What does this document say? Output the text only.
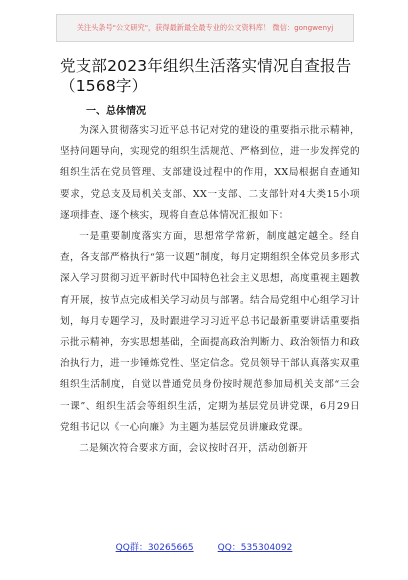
关注头条号"公文研究"，获得最新最全最专业的公文资料库！ 微信：gongwenyj
党支部2023年组织生活落实情况自查报告
（1568字）
一、总体情况

为深入贯彻落实习近平总书记对党的建设的重要指示批示精神，坚持问题导向，实现党的组织生活规范、严格到位，进一步发挥党的组织生活在党员管理、支部建设过程中的作用，XX局根据自查通知要求，党总支及局机关支部、XX一支部、二支部针对4大类15小项逐项排查、逐个核实，现将自查总体情况汇报如下：

一是重要制度落实方面，思想常学常新，制度越定越全。经自查，各支部严格执行“第一议题”制度，每月定期组织全体党员多形式深入学习贯彻习近平新时代中国特色社会主义思想，高度重视主题教育开展，按节点完成相关学习动员与部署。结合局党组中心组学习计划，每月专题学习，及时跟进学习习近平总书记最新重要讲话重要指示批示精神，夯实思想基础，全面提高政治判断力、政治领悟力和政治执行力，进一步锤炼党性、坚定信念。党员领导干部认真落实双重组织生活制度，自觉以普通党员身份按时规范参加局机关支部“三会一课”、组织生活会等组织生活，定期为基层党员讲党课，6月29日党组书记以《一心向廉》为主题为基层党员讲廉政党课。

二是频次符合要求方面，会议按时召开，活动创新开

QQ群：30265665	QQ：535304092
